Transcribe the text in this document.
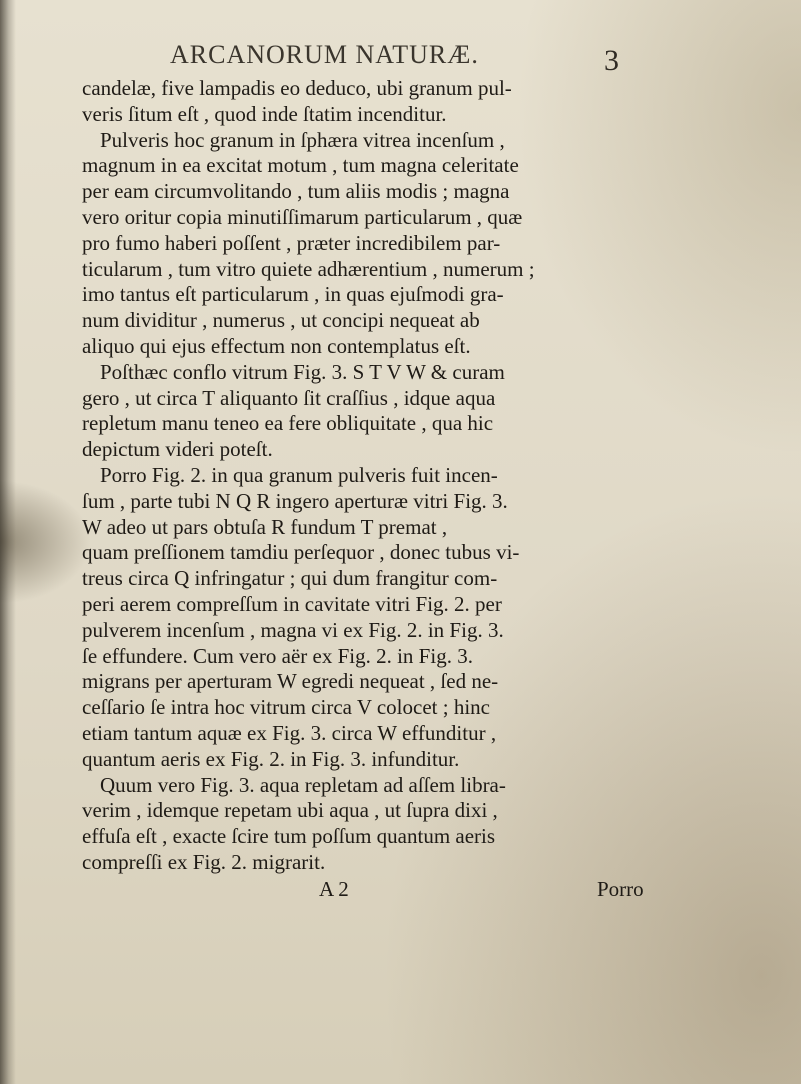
ARCANORUM NATURÆ.	3
candelæ, five lampadis eo deduco, ubi granum pul-
veris ſitum eſt , quod inde ſtatim incenditur.
Pulveris hoc granum in ſphæra vitrea incenſum ,
magnum in ea excitat motum , tum magna celeritate
per eam circumvolitando , tum aliis modis ; magna
vero oritur copia minutiſſimarum particularum , quæ
pro fumo haberi poſſent , præter incredibilem par-
ticularum , tum vitro quiete adhærentium , numerum ;
imo tantus eſt particularum , in quas ejuſmodi gra-
num dividitur , numerus , ut concipi nequeat ab
aliquo qui ejus effectum non contemplatus eſt.
Poſthæc conflo vitrum Fig. 3. S T V W & curam
gero , ut circa T aliquanto ſit craſſius , idque aqua
repletum manu teneo ea fere obliquitate , qua hic
depictum videri poteſt.
Porro Fig. 2. in qua granum pulveris fuit incen-
ſum , parte tubi N Q R ingero aperturæ vitri Fig. 3.
W adeo ut pars obtuſa R fundum T premat ,
quam preſſionem tamdiu perſequor , donec tubus vi-
treus circa Q infringatur ; qui dum frangitur com-
peri aerem compreſſum in cavitate vitri Fig. 2. per
pulverem incenſum , magna vi ex Fig. 2. in Fig. 3.
ſe effundere. Cum vero aër ex Fig. 2. in Fig. 3.
migrans per aperturam W egredi nequeat , ſed ne-
ceſſario ſe intra hoc vitrum circa V colocet ; hinc
etiam tantum aquæ ex Fig. 3. circa W effunditur ,
quantum aeris ex Fig. 2. in Fig. 3. infunditur.
Quum vero Fig. 3. aqua repletam ad aſſem libra-
verim , idemque repetam ubi aqua , ut ſupra dixi ,
effuſa eſt , exacte ſcire tum poſſum quantum aeris
compreſſi ex Fig. 2. migrarit.
A 2	Porro
